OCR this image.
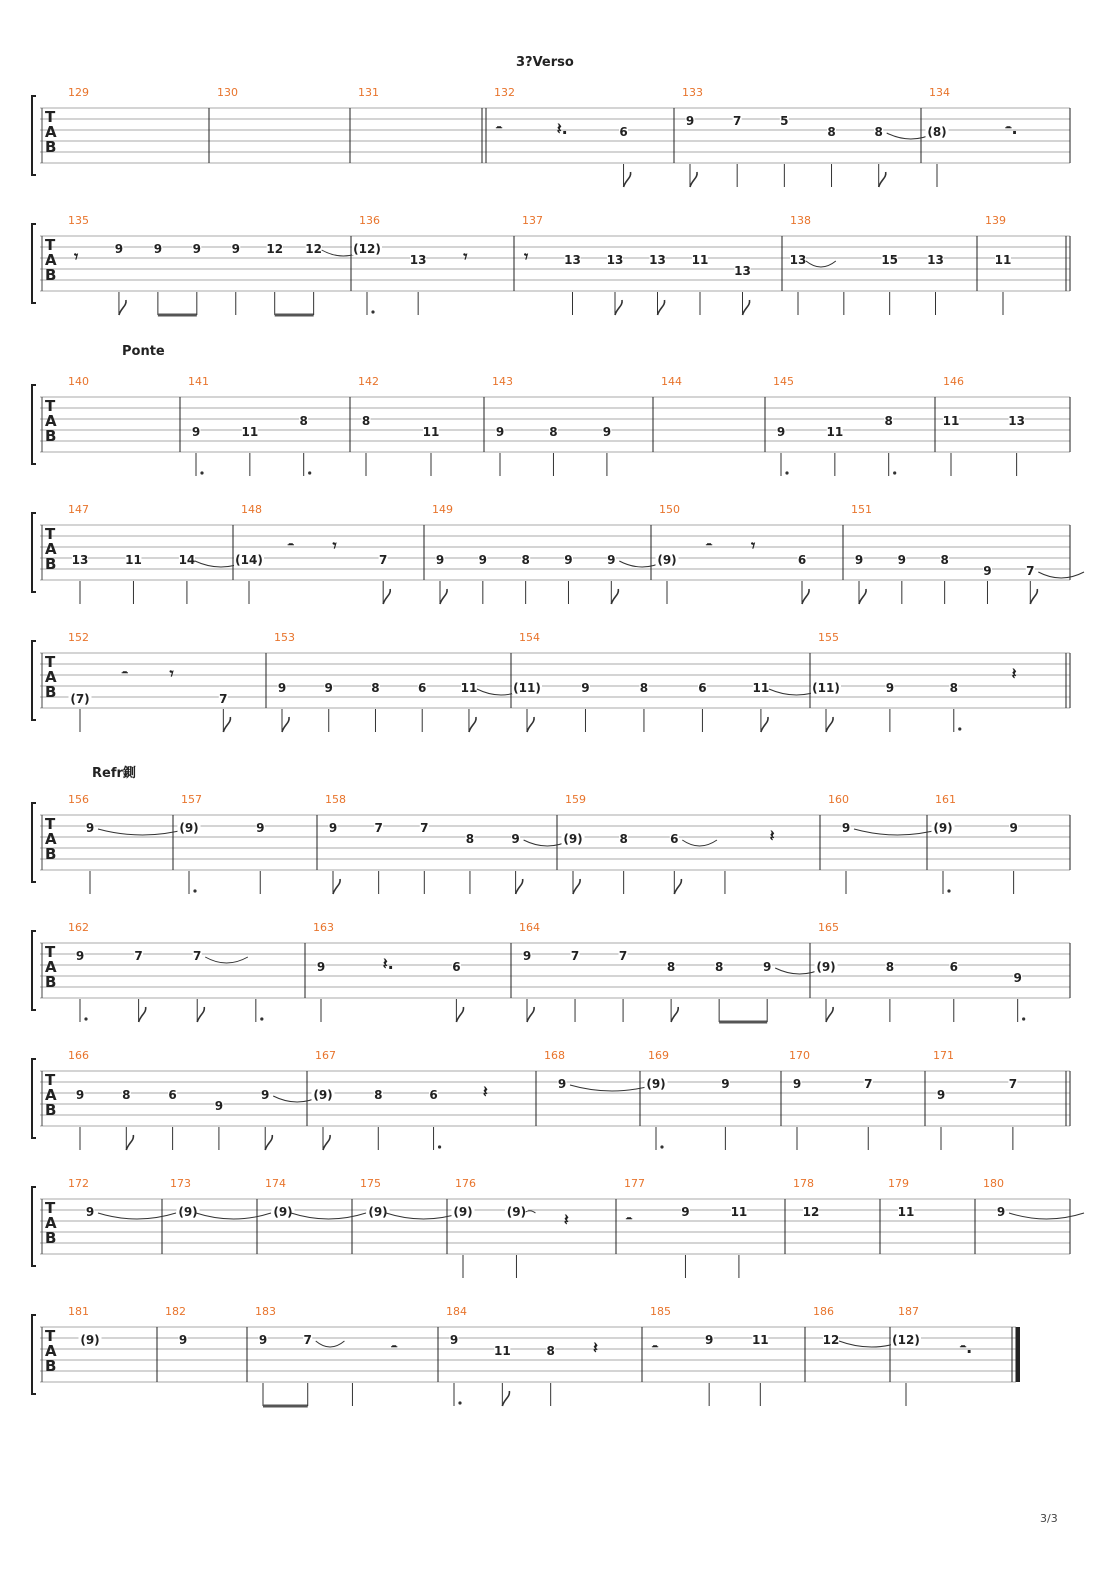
3?Verso
Ponte
Refr鍘
3/3
T
A
B
129	130	131	132
𝄼	𝄽.	6
133
9	7	5
8	8
134
(8)	𝄼.
T
A
B
135
𝄾	9	9	9	9 12 12
136
(12)
13 𝄾
137
𝄾	13 13 13 11
13
138
13	15 13
139
11
T
A
B
140	141
9	11
8
142
8
11
143
9	8	9
144	145
9	11
8
146
11	13
T
A
B
147
13	11	14
148
(14)
𝄼 𝄾
7
149
9	9	8	9	9
150
(9)
𝄼 𝄾
6
151
9	9	8
9	7
T
A
B
152
(7)
𝄼	𝄾
7
153
9	9	8	6	11
154
(11)	9	8	6	11
155
(11)	9	8
𝄽
T
A
B
156
9
157
(9)	9
158
9	7	7
8	9
159
(9)	8	6	𝄽
160
9
161
(9)	9
T
A
B
162
9	7	7
163
9	𝄽.	6
164
9	7	7
8	8	9
165
(9)	8	6
9
T
A
B
166
9	8	6
9
9
167
(9)	8	6	𝄽
168
9
169
(9)	9
170
9	7
171
9
7
T
A
B
172
9
173
(9)
174
(9)
175
(9)
176
(9)	(9) 𝄽
177
𝄼	9	11
178
12
179
11
180
9
T
A
B
181
(9)
182
9
183
9	7	𝄼
184
9
11	8 𝄽
185
𝄼	9	11
186
12
187
(12)	𝄼.
